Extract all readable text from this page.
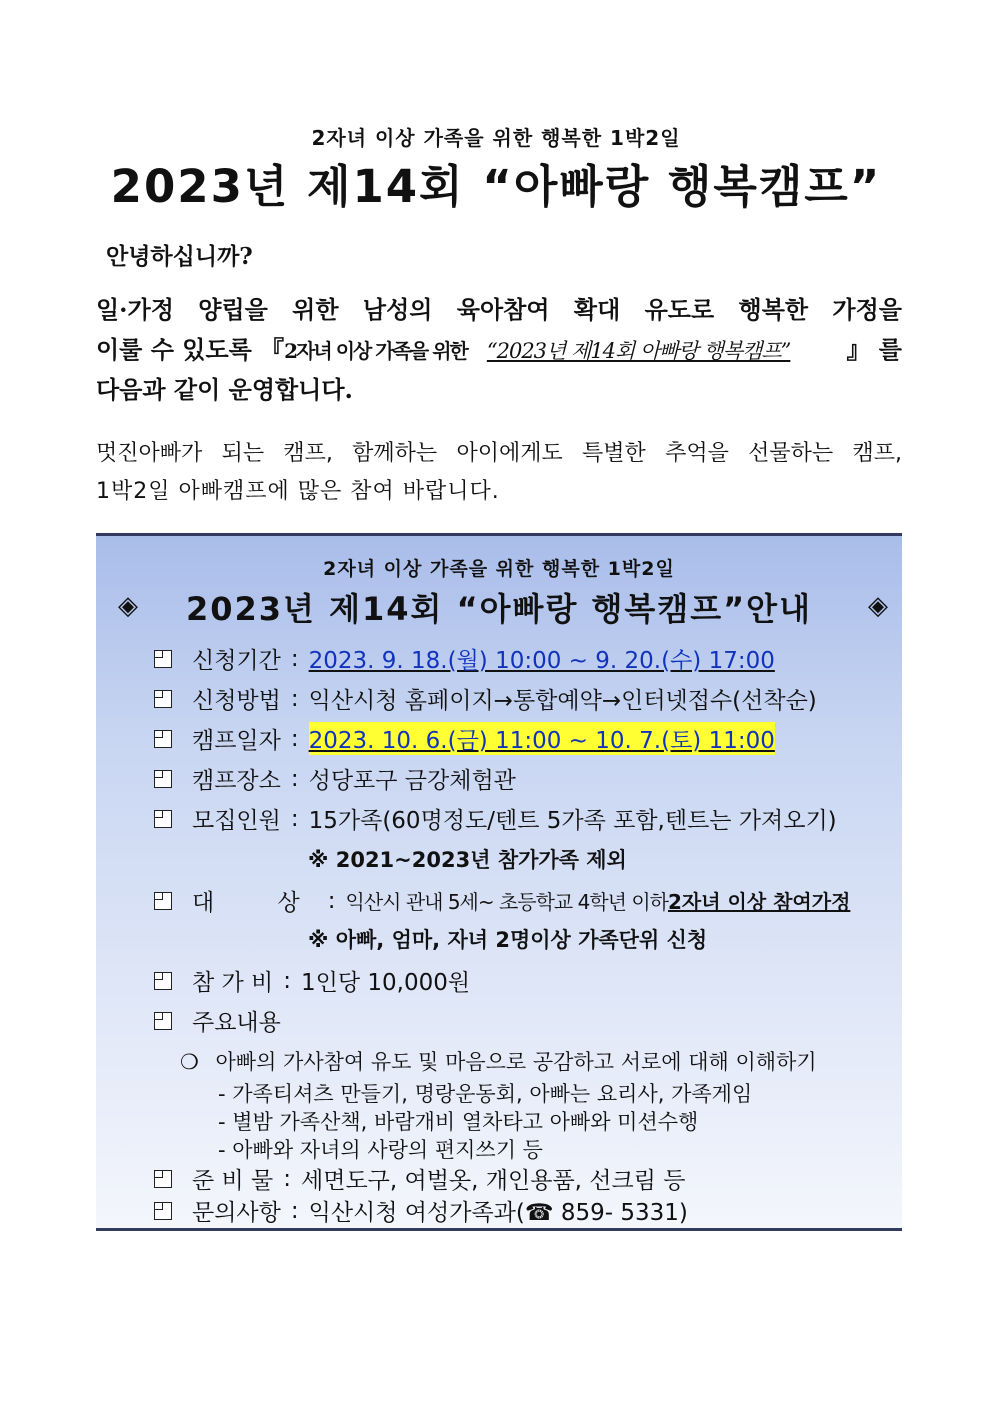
2자녀 이상 가족을 위한 행복한 1박2일
2023년 제14회 “아빠랑 행복캠프”
안녕하십니까?
일·가정 양립을 위한 남성의 육아참여 확대 유도로 행복한 가정을
이룰 수 있도록 『 2자녀 이상 가족을 위한 “2023년 제14회 아빠랑 행복캠프” 』 를
다음과 같이 운영합니다.
멋진아빠가 되는 캠프, 함께하는 아이에게도 특별한 추억을 선물하는 캠프,
1박2일 아빠캠프에 많은 참여 바랍니다.
2자녀 이상 가족을 위한 행복한 1박2일
◈	2023년 제14회 “아빠랑 행복캠프”안내	◈
신청기간 : 2023. 9. 18.(월) 10:00 ~ 9. 20.(수) 17:00
신청방법 : 익산시청 홈페이지→통합예약→인터넷접수(선착순)
캠프일자 : 2023. 10. 6.(금) 11:00 ~ 10. 7.(토) 11:00
캠프장소 : 성당포구 금강체험관
모집인원 : 15가족(60명정도/텐트 5가족 포함,텐트는 가져오기)
※ 2021~2023년 참가가족 제외
대 상 : 익산시 관내 5세~ 초등학교 4학년 이하 2자녀 이상 참여가정
※ 아빠, 엄마, 자녀 2명이상 가족단위 신청
참 가 비 : 1인당 10,000원
주요내용
❍ 아빠의 가사참여 유도 및 마음으로 공감하고 서로에 대해 이해하기
- 가족티셔츠 만들기, 명랑운동회, 아빠는 요리사, 가족게임
- 별밤 가족산책, 바람개비 열차타고 아빠와 미션수행
- 아빠와 자녀의 사랑의 편지쓰기 등
준 비 물 : 세면도구, 여벌옷, 개인용품, 선크림 등
문의사항 : 익산시청 여성가족과(☎ 859- 5331)
